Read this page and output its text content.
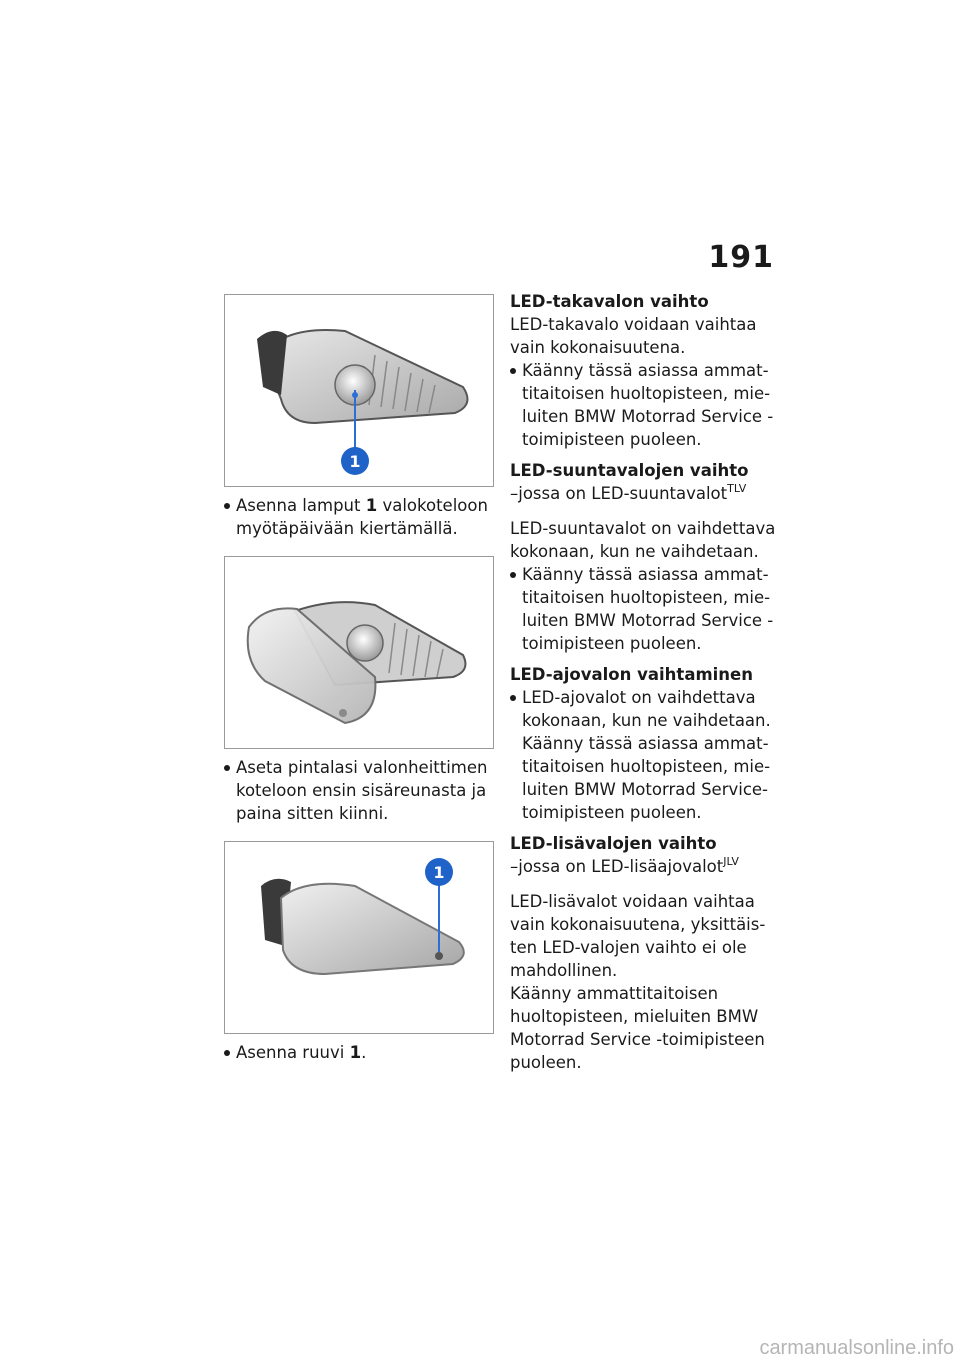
191
1
Asenna lamput 1 valokoteloon myötäpäivään kiertämällä.
Aseta pintalasi valonheittimen koteloon ensin sisäreunasta ja paina sitten kiinni.
1
Asenna ruuvi 1.
LED-takavalon vaihto
LED-takavalo voidaan vaihtaa vain kokonaisuutena.
Käänny tässä asiassa ammat-titaitoisen huoltopisteen, mie-luiten BMW Motorrad Service -toimipisteen puoleen.
LED-suuntavalojen vaihto
–jossa on LED-suuntavalot$^{TLV}$
LED-suuntavalot on vaihdettava kokonaan, kun ne vaihdetaan.
Käänny tässä asiassa ammat-titaitoisen huoltopisteen, mie-luiten BMW Motorrad Service -toimipisteen puoleen.
LED-ajovalon vaihtaminen
LED-ajovalot on vaihdettava kokonaan, kun ne vaihdetaan. Käänny tässä asiassa ammat-titaitoisen huoltopisteen, mie-luiten BMW Motorrad Service-toimipisteen puoleen.
LED-lisävalojen vaihto
–jossa on LED-lisäajovalot$^{JLV}$
LED-lisävalot voidaan vaihtaa vain kokonaisuutena, yksittäis-ten LED-valojen vaihto ei ole mahdollinen.
Käänny ammattitaitoisen huoltopisteen, mieluiten BMW Motorrad Service -toimipisteen puoleen.
carmanualsonline.info
